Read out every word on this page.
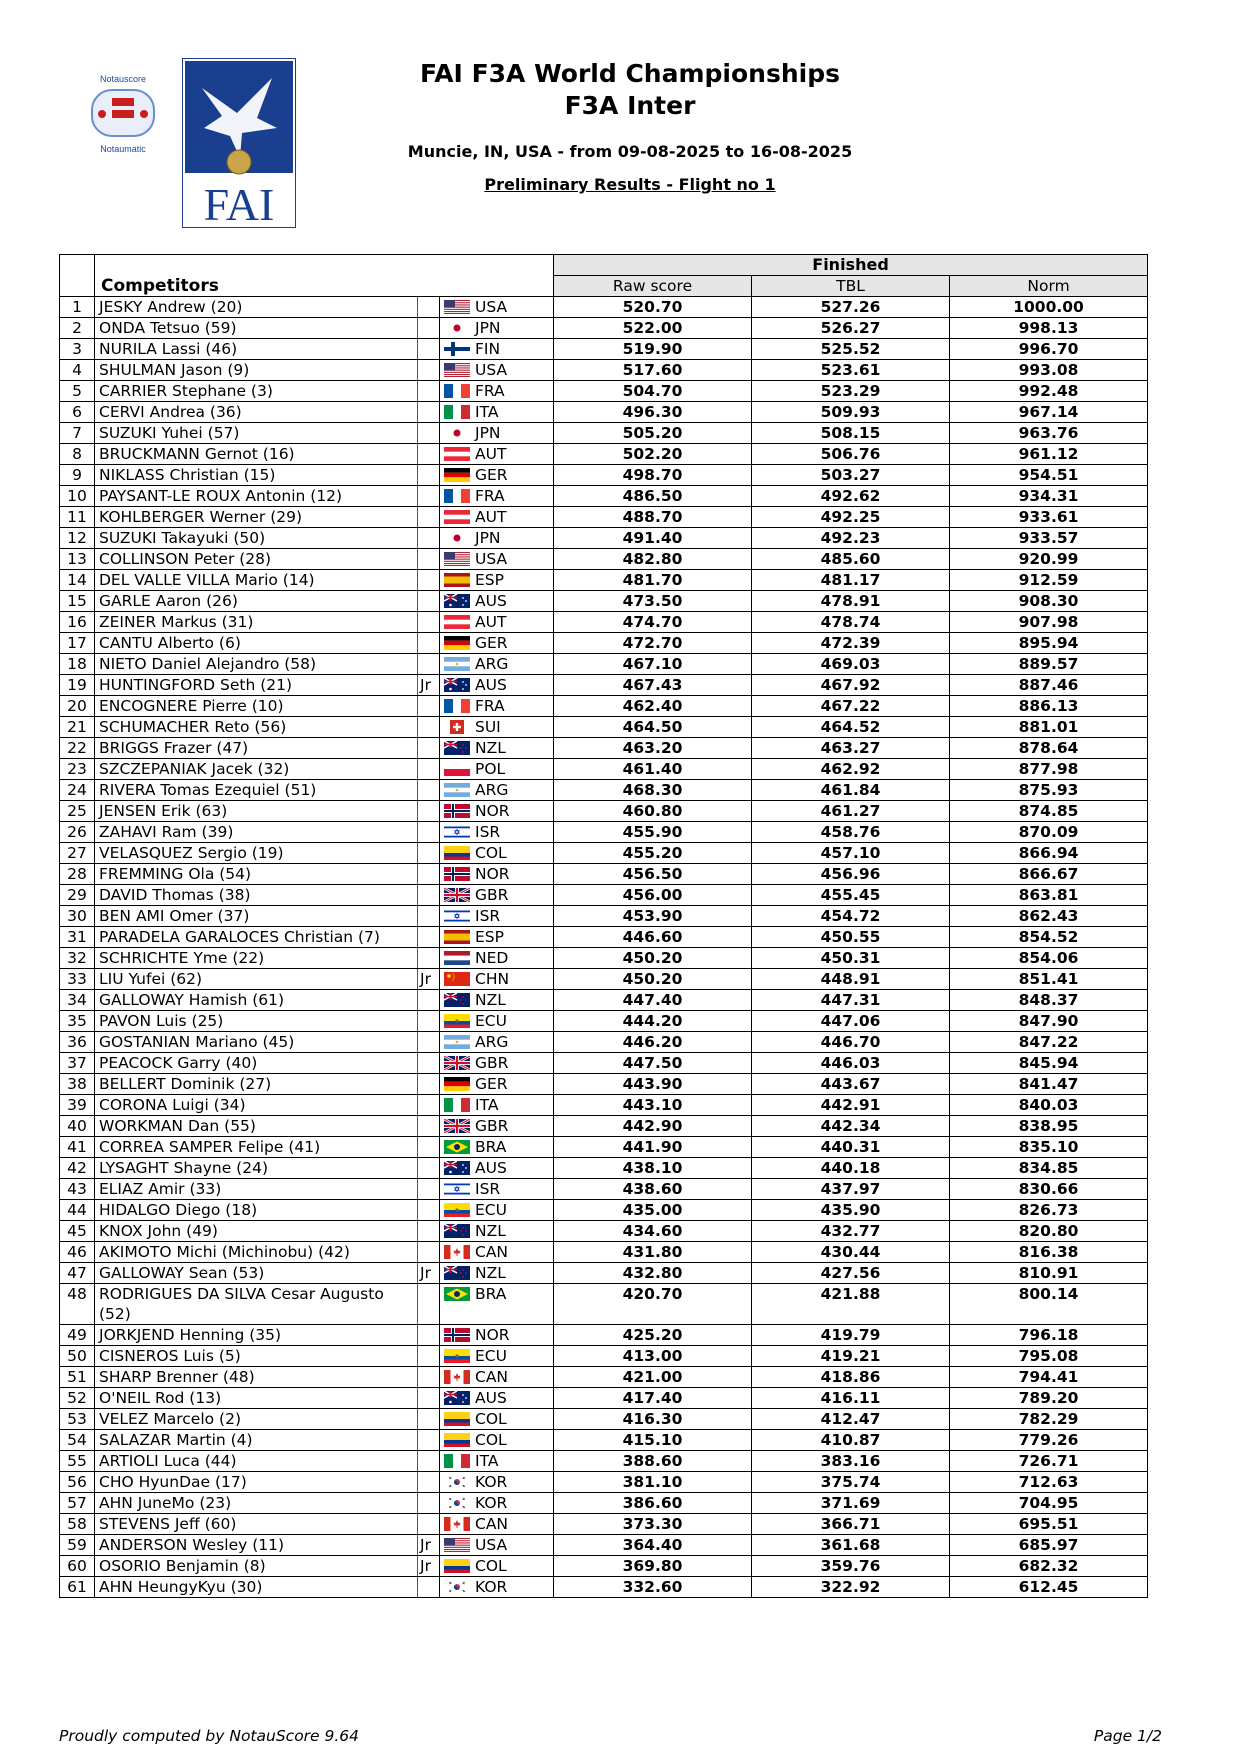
Notauscore
Notaumatic
FAI
FAI F3A World Championships
F3A Inter
Muncie, IN, USA - from 09-08-2025 to 16-08-2025
Preliminary Results - Flight no 1
	Competitors			Finished		
				Raw score	TBL	Norm
1	JESKY Andrew (20)		USA	520.70	527.26	1000.00
2	ONDA Tetsuo (59)		JPN	522.00	526.27	998.13
3	NURILA Lassi (46)		FIN	519.90	525.52	996.70
4	SHULMAN Jason (9)		USA	517.60	523.61	993.08
5	CARRIER Stephane (3)		FRA	504.70	523.29	992.48
6	CERVI Andrea (36)		ITA	496.30	509.93	967.14
7	SUZUKI Yuhei (57)		JPN	505.20	508.15	963.76
8	BRUCKMANN Gernot (16)		AUT	502.20	506.76	961.12
9	NIKLASS Christian (15)		GER	498.70	503.27	954.51
10	PAYSANT-LE ROUX Antonin (12)		FRA	486.50	492.62	934.31
11	KOHLBERGER Werner (29)		AUT	488.70	492.25	933.61
12	SUZUKI Takayuki (50)		JPN	491.40	492.23	933.57
13	COLLINSON Peter (28)		USA	482.80	485.60	920.99
14	DEL VALLE VILLA Mario (14)		ESP	481.70	481.17	912.59
15	GARLE Aaron (26)		AUS	473.50	478.91	908.30
16	ZEINER Markus (31)		AUT	474.70	478.74	907.98
17	CANTU Alberto (6)		GER	472.70	472.39	895.94
18	NIETO Daniel Alejandro (58)		ARG	467.10	469.03	889.57
19	HUNTINGFORD Seth (21)	Jr	AUS	467.43	467.92	887.46
20	ENCOGNERE Pierre (10)		FRA	462.40	467.22	886.13
21	SCHUMACHER Reto (56)		SUI	464.50	464.52	881.01
22	BRIGGS Frazer (47)		NZL	463.20	463.27	878.64
23	SZCZEPANIAK Jacek (32)		POL	461.40	462.92	877.98
24	RIVERA Tomas Ezequiel (51)		ARG	468.30	461.84	875.93
25	JENSEN Erik (63)		NOR	460.80	461.27	874.85
26	ZAHAVI Ram (39)		ISR	455.90	458.76	870.09
27	VELASQUEZ Sergio (19)		COL	455.20	457.10	866.94
28	FREMMING Ola (54)		NOR	456.50	456.96	866.67
29	DAVID Thomas (38)		GBR	456.00	455.45	863.81
30	BEN AMI Omer (37)		ISR	453.90	454.72	862.43
31	PARADELA GARALOCES Christian (7)		ESP	446.60	450.55	854.52
32	SCHRICHTE Yme (22)		NED	450.20	450.31	854.06
33	LIU Yufei (62)	Jr	CHN	450.20	448.91	851.41
34	GALLOWAY Hamish (61)		NZL	447.40	447.31	848.37
35	PAVON Luis (25)		ECU	444.20	447.06	847.90
36	GOSTANIAN Mariano (45)		ARG	446.20	446.70	847.22
37	PEACOCK Garry (40)		GBR	447.50	446.03	845.94
38	BELLERT Dominik (27)		GER	443.90	443.67	841.47
39	CORONA Luigi (34)		ITA	443.10	442.91	840.03
40	WORKMAN Dan (55)		GBR	442.90	442.34	838.95
41	CORREA SAMPER Felipe (41)		BRA	441.90	440.31	835.10
42	LYSAGHT Shayne (24)		AUS	438.10	440.18	834.85
43	ELIAZ Amir (33)		ISR	438.60	437.97	830.66
44	HIDALGO Diego (18)		ECU	435.00	435.90	826.73
45	KNOX John (49)		NZL	434.60	432.77	820.80
46	AKIMOTO Michi (Michinobu) (42)		CAN	431.80	430.44	816.38
47	GALLOWAY Sean (53)	Jr	NZL	432.80	427.56	810.91
48	RODRIGUES DA SILVA Cesar Augusto (52)		BRA	420.70	421.88	800.14
49	JORKJEND Henning (35)		NOR	425.20	419.79	796.18
50	CISNEROS Luis (5)		ECU	413.00	419.21	795.08
51	SHARP Brenner (48)		CAN	421.00	418.86	794.41
52	O'NEIL Rod (13)		AUS	417.40	416.11	789.20
53	VELEZ Marcelo (2)		COL	416.30	412.47	782.29
54	SALAZAR Martin (4)		COL	415.10	410.87	779.26
55	ARTIOLI Luca (44)		ITA	388.60	383.16	726.71
56	CHO HyunDae (17)		KOR	381.10	375.74	712.63
57	AHN JuneMo (23)		KOR	386.60	371.69	704.95
58	STEVENS Jeff (60)		CAN	373.30	366.71	695.51
59	ANDERSON Wesley (11)	Jr	USA	364.40	361.68	685.97
60	OSORIO Benjamin (8)	Jr	COL	369.80	359.76	682.32
61	AHN HeungyKyu (30)		KOR	332.60	322.92	612.45
Proudly computed by NotauScore 9.64	Page 1/2
